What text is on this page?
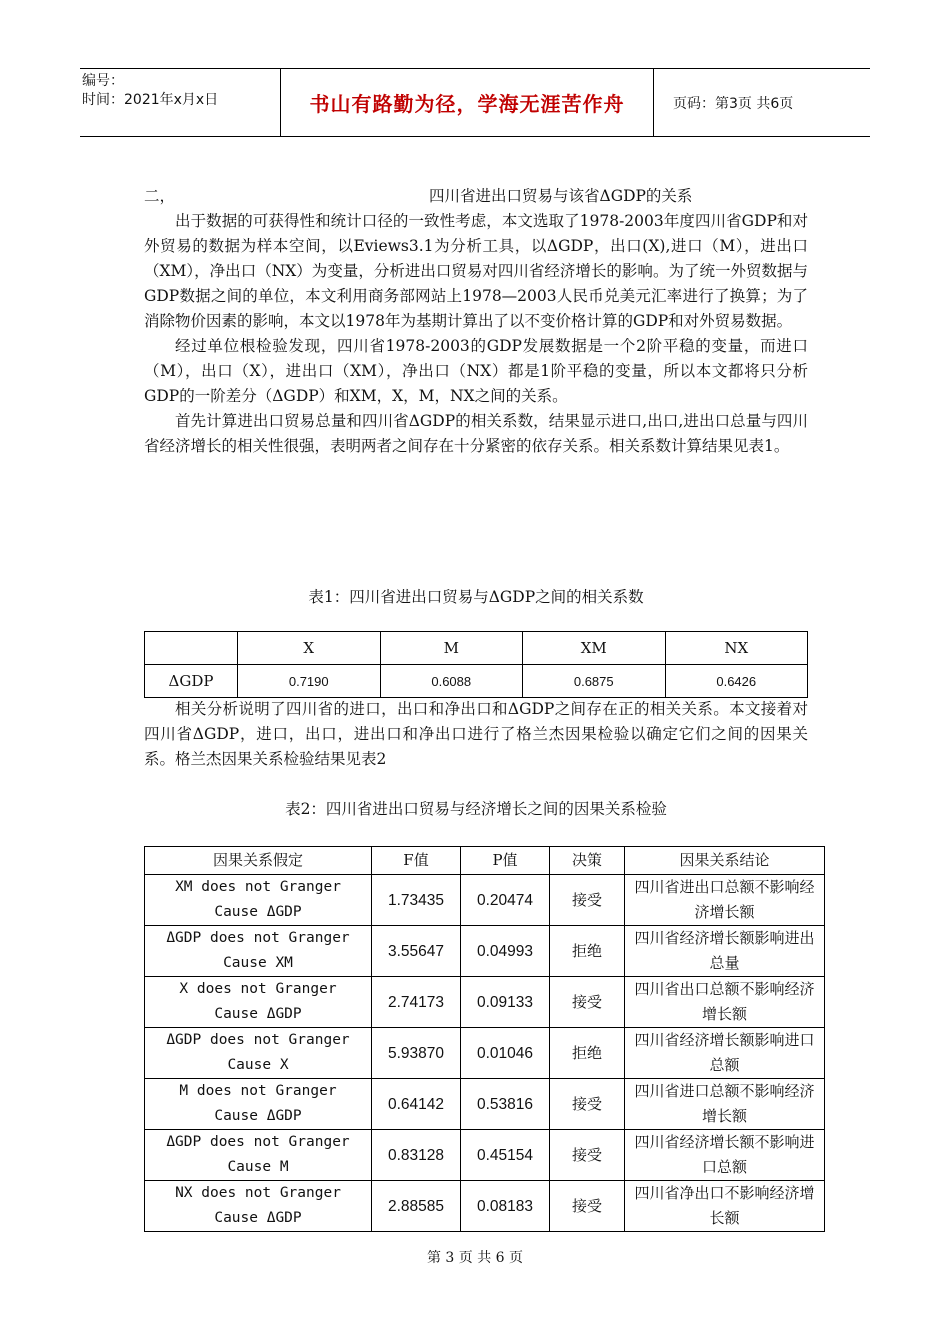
编号：
时间：2021年x月x日	书山有路勤为径，学海无涯苦作舟	页码：第3页 共6页
二，	四川省进出口贸易与该省ΔGDP的关系

出于数据的可获得性和统计口径的一致性考虑，本文选取了1978-2003年度四川省GDP和对外贸易的数据为样本空间，以Eviews3.1为分析工具，以ΔGDP，出口(X),进口（M），进出口（XM），净出口（NX）为变量，分析进出口贸易对四川省经济增长的影响。为了统一外贸数据与GDP数据之间的单位，本文利用商务部网站上1978—2003人民币兑美元汇率进行了换算；为了消除物价因素的影响，本文以1978年为基期计算出了以不变价格计算的GDP和对外贸易数据。

经过单位根检验发现，四川省1978-2003的GDP发展数据是一个2阶平稳的变量，而进口（M），出口（X），进出口（XM），净出口（NX）都是1阶平稳的变量，所以本文都将只分析GDP的一阶差分（ΔGDP）和XM，X，M，NX之间的关系。

首先计算进出口贸易总量和四川省ΔGDP的相关系数，结果显示进口,出口,进出口总量与四川省经济增长的相关性很强，表明两者之间存在十分紧密的依存关系。相关系数计算结果见表1。

表1：四川省进出口贸易与ΔGDP之间的相关系数
	X	M	XM	NX
ΔGDP	0.7190	0.6088	0.6875	0.6426

相关分析说明了四川省的进口，出口和净出口和ΔGDP之间存在正的相关关系。本文接着对四川省ΔGDP，进口，出口，进出口和净出口进行了格兰杰因果检验以确定它们之间的因果关系。格兰杰因果关系检验结果见表2

表2：四川省进出口贸易与经济增长之间的因果关系检验
因果关系假定	F值	P值	决策	因果关系结论
XM does not Granger Cause ΔGDP	1.73435	0.20474	接受	四川省进出口总额不影响经济增长额
ΔGDP does not Granger Cause XM	3.55647	0.04993	拒绝	四川省经济增长额影响进出总量
X does not Granger Cause ΔGDP	2.74173	0.09133	接受	四川省出口总额不影响经济增长额
ΔGDP does not Granger Cause X	5.93870	0.01046	拒绝	四川省经济增长额影响进口总额
M does not Granger Cause ΔGDP	0.64142	0.53816	接受	四川省进口总额不影响经济增长额
ΔGDP does not Granger Cause M	0.83128	0.45154	接受	四川省经济增长额不影响进口总额
NX does not Granger Cause ΔGDP	2.88585	0.08183	接受	四川省净出口不影响经济增长额
第 3 页 共 6 页
